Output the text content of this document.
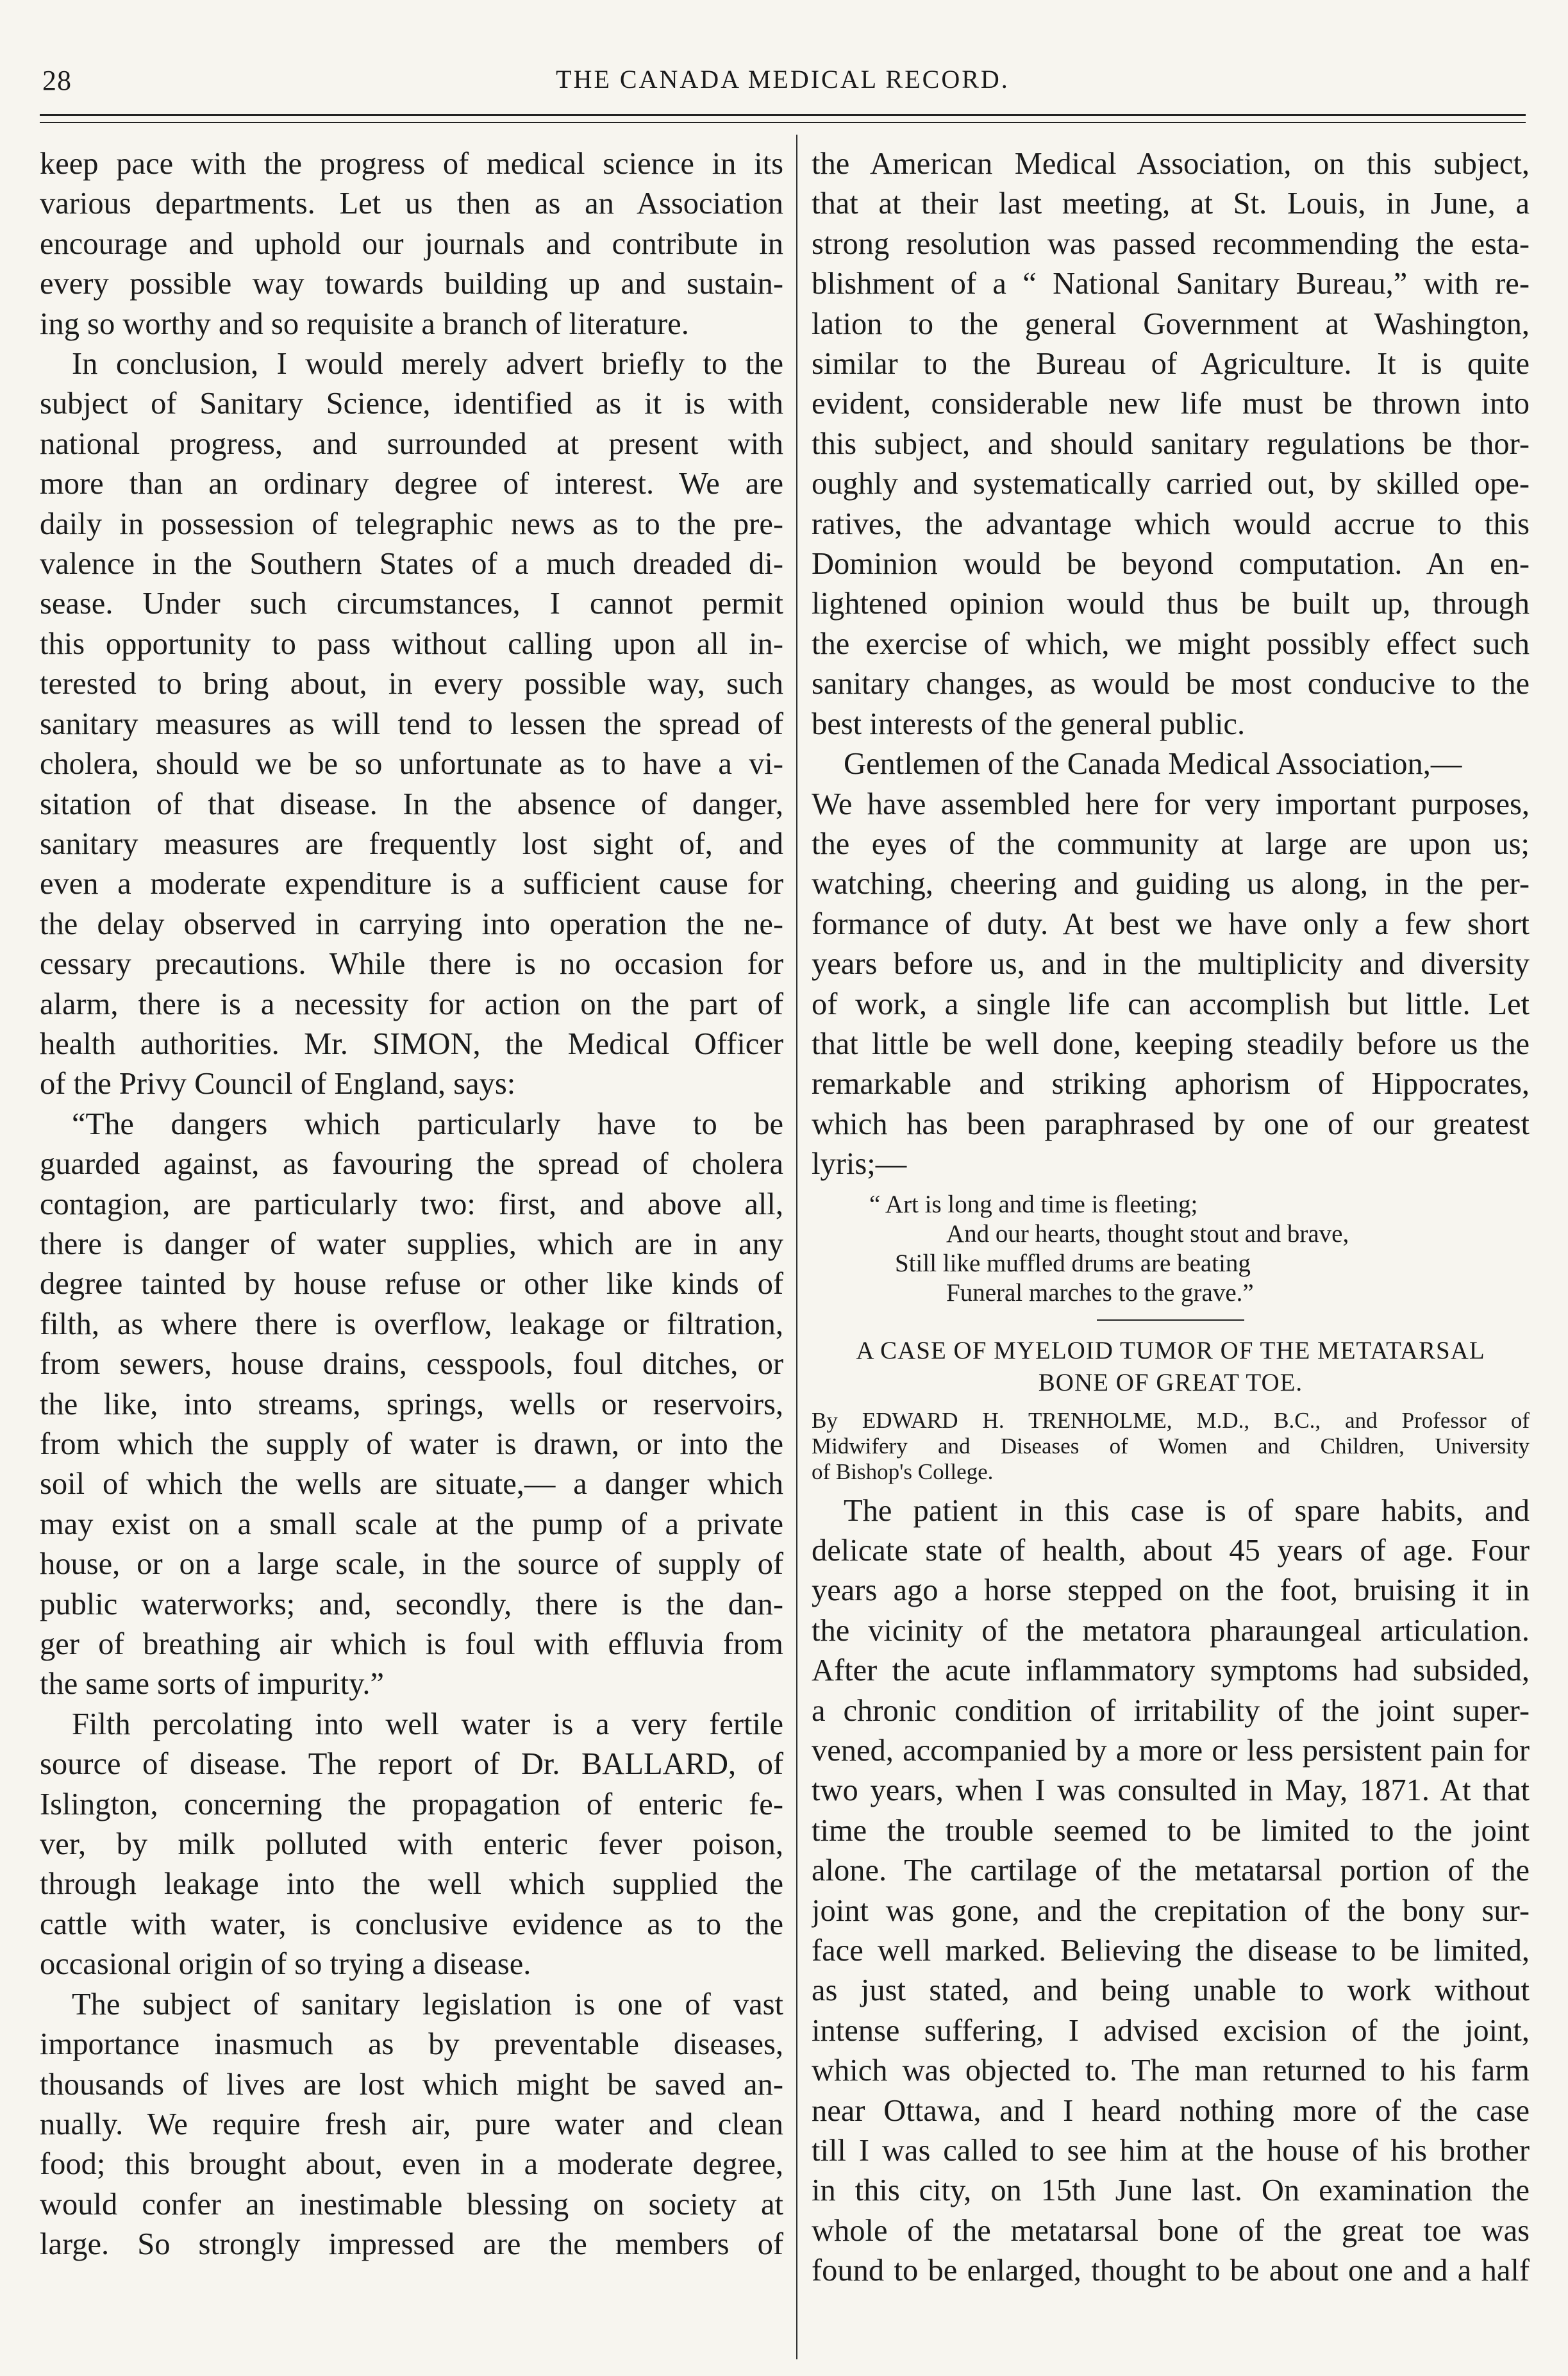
28	THE CANADA MEDICAL RECORD.
keep pace with the progress of medical science in its
various departments. Let us then as an Association
encourage and uphold our journals and contribute in
every possible way towards building up and sustain-
ing so worthy and so requisite a branch of literature.
In conclusion, I would merely advert briefly to the
subject of Sanitary Science, identified as it is with
national progress, and surrounded at present with
more than an ordinary degree of interest. We are
daily in possession of telegraphic news as to the pre-
valence in the Southern States of a much dreaded di-
sease. Under such circumstances, I cannot permit
this opportunity to pass without calling upon all in-
terested to bring about, in every possible way, such
sanitary measures as will tend to lessen the spread of
cholera, should we be so unfortunate as to have a vi-
sitation of that disease. In the absence of danger,
sanitary measures are frequently lost sight of, and
even a moderate expenditure is a sufficient cause for
the delay observed in carrying into operation the ne-
cessary precautions. While there is no occasion for
alarm, there is a necessity for action on the part of
health authorities. Mr. SIMON, the Medical Officer
of the Privy Council of England, says:
“The dangers which particularly have to be
guarded against, as favouring the spread of cholera
contagion, are particularly two: first, and above all,
there is danger of water supplies, which are in any
degree tainted by house refuse or other like kinds of
filth, as where there is overflow, leakage or filtration,
from sewers, house drains, cesspools, foul ditches, or
the like, into streams, springs, wells or reservoirs,
from which the supply of water is drawn, or into the
soil of which the wells are situate,— a danger which
may exist on a small scale at the pump of a private
house, or on a large scale, in the source of supply of
public waterworks; and, secondly, there is the dan-
ger of breathing air which is foul with effluvia from
the same sorts of impurity.”
Filth percolating into well water is a very fertile
source of disease. The report of Dr. BALLARD, of
Islington, concerning the propagation of enteric fe-
ver, by milk polluted with enteric fever poison,
through leakage into the well which supplied the
cattle with water, is conclusive evidence as to the
occasional origin of so trying a disease.
The subject of sanitary legislation is one of vast
importance inasmuch as by preventable diseases,
thousands of lives are lost which might be saved an-
nually. We require fresh air, pure water and clean
food; this brought about, even in a moderate degree,
would confer an inestimable blessing on society at
large. So strongly impressed are the members of
the American Medical Association, on this subject,
that at their last meeting, at St. Louis, in June, a
strong resolution was passed recommending the esta-
blishment of a “ National Sanitary Bureau,” with re-
lation to the general Government at Washington,
similar to the Bureau of Agriculture. It is quite
evident, considerable new life must be thrown into
this subject, and should sanitary regulations be thor-
oughly and systematically carried out, by skilled ope-
ratives, the advantage which would accrue to this
Dominion would be beyond computation. An en-
lightened opinion would thus be built up, through
the exercise of which, we might possibly effect such
sanitary changes, as would be most conducive to the
best interests of the general public.
Gentlemen of the Canada Medical Association,—
We have assembled here for very important purposes,
the eyes of the community at large are upon us;
watching, cheering and guiding us along, in the per-
formance of duty. At best we have only a few short
years before us, and in the multiplicity and diversity
of work, a single life can accomplish but little. Let
that little be well done, keeping steadily before us the
remarkable and striking aphorism of Hippocrates,
which has been paraphrased by one of our greatest
lyris;—
“ Art is long and time is fleeting;
And our hearts, thought stout and brave,
Still like muffled drums are beating
Funeral marches to the grave.”
A CASE OF MYELOID TUMOR OF THE METATARSAL
BONE OF GREAT TOE.
By EDWARD H. TRENHOLME, M.D., B.C., and Professor of
Midwifery and Diseases of Women and Children, University
of Bishop's College.
The patient in this case is of spare habits, and
delicate state of health, about 45 years of age. Four
years ago a horse stepped on the foot, bruising it in
the vicinity of the metatora pharaungeal articulation.
After the acute inflammatory symptoms had subsided,
a chronic condition of irritability of the joint super-
vened, accompanied by a more or less persistent pain for
two years, when I was consulted in May, 1871. At that
time the trouble seemed to be limited to the joint
alone. The cartilage of the metatarsal portion of the
joint was gone, and the crepitation of the bony sur-
face well marked. Believing the disease to be limited,
as just stated, and being unable to work without
intense suffering, I advised excision of the joint,
which was objected to. The man returned to his farm
near Ottawa, and I heard nothing more of the case
till I was called to see him at the house of his brother
in this city, on 15th June last. On examination the
whole of the metatarsal bone of the great toe was
found to be enlarged, thought to be about one and a half
